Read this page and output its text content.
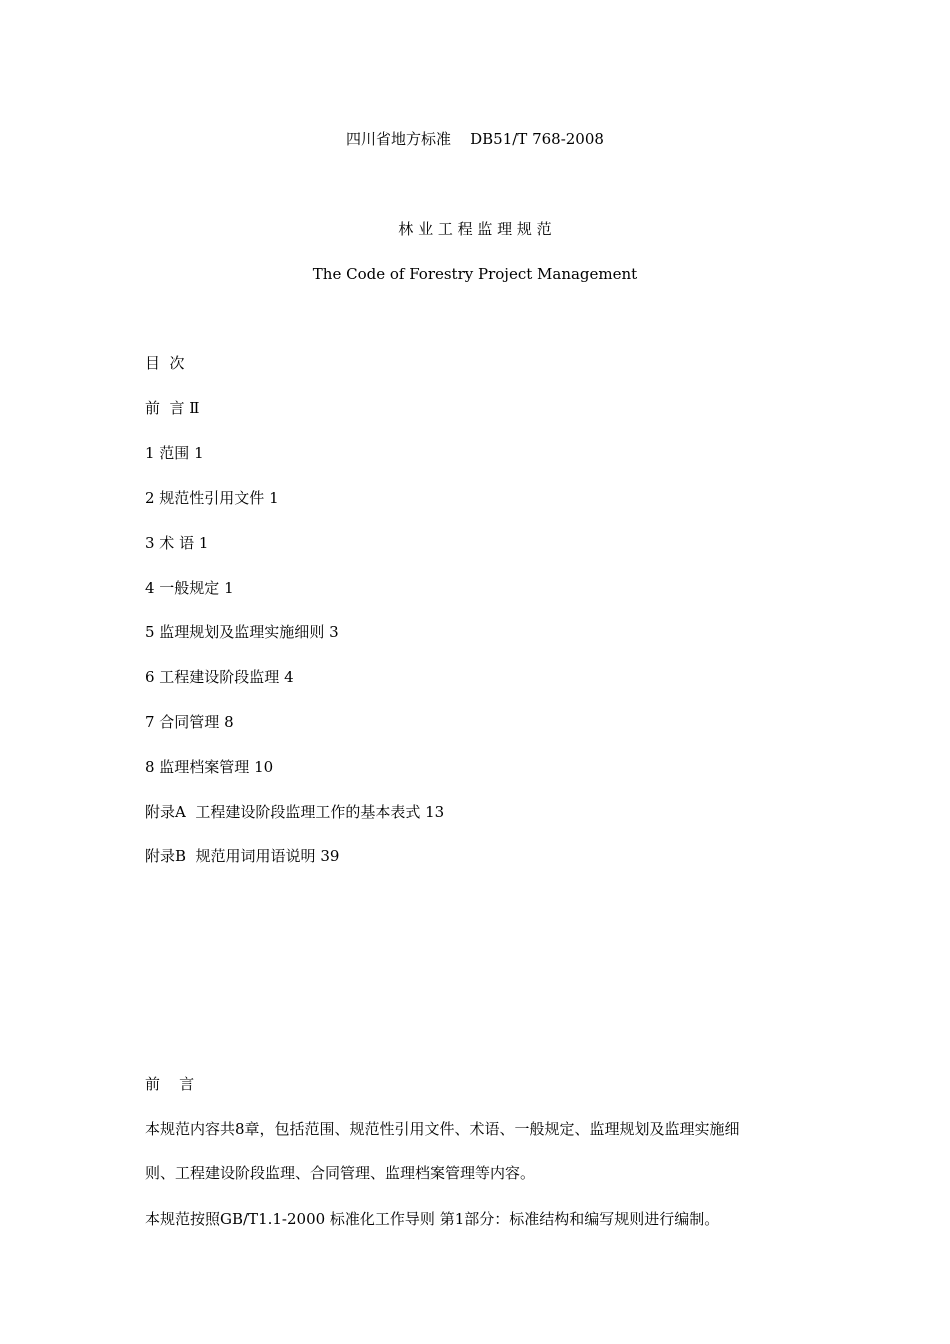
四川省地方标准    DB51/T 768-2008
林 业 工 程 监 理 规 范
The Code of Forestry Project Management
目  次
前  言 Ⅱ
1 范围 1
2 规范性引用文件 1
3 术 语 1
4 一般规定 1
5 监理规划及监理实施细则 3
6 工程建设阶段监理 4
7 合同管理 8
8 监理档案管理 10
附录A  工程建设阶段监理工作的基本表式 13
附录B  规范用词用语说明 39
前    言
本规范内容共8章，包括范围、规范性引用文件、术语、一般规定、监理规划及监理实施细
则、工程建设阶段监理、合同管理、监理档案管理等内容。
本规范按照GB/T1.1-2000 标准化工作导则 第1部分：标准结构和编写规则进行编制。
